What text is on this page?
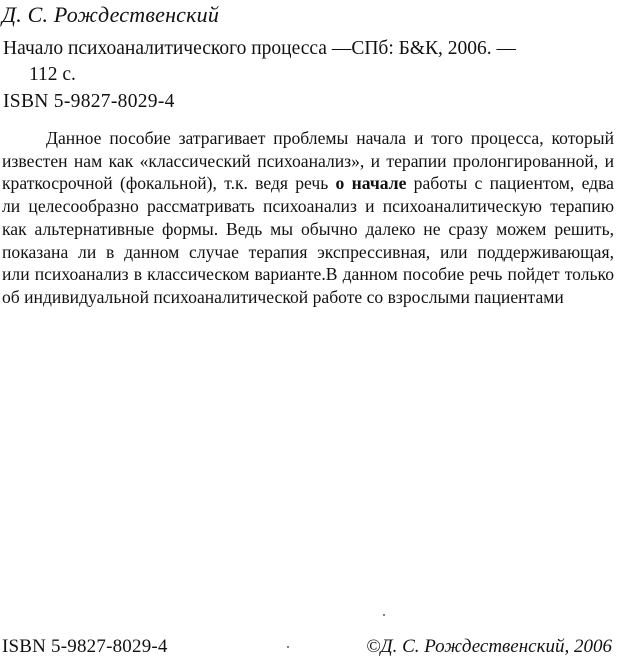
Д. С. Рождественский
Начало психоаналитического процесса —СПб: Б&К, 2006. —
112 с.
ISBN 5-9827-8029-4
Данное пособие затрагивает проблемы начала и того процесса, который
известен нам как «классический психоанализ», и терапии пролонгированной, и
краткосрочной (фокальной), т.к. ведя речь о начале работы с пациентом, едва
ли целесообразно рассматривать психоанализ и психоаналитическую терапию
как альтернативные формы. Ведь мы обычно далеко не сразу можем решить,
показана ли в данном случае терапия экспрессивная, или поддерживающая,
или психоанализ в классическом варианте.В данном пособие речь пойдет только
об индивидуальной психоаналитической работе со взрослыми пациентами
ISBN 5-9827-8029-4	©Д. С. Рождественский, 2006
